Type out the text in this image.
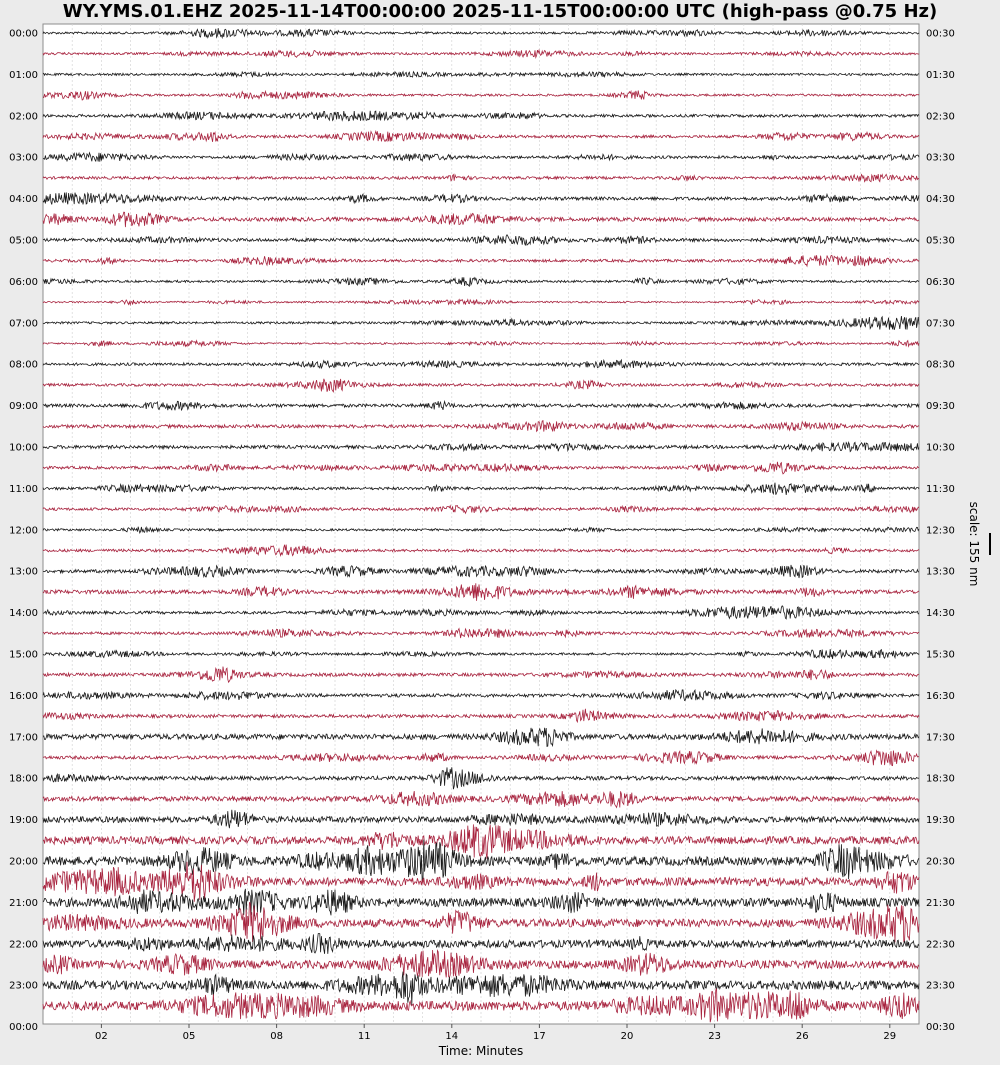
WY.YMS.01.EHZ 2025-11-14T00:00:00 2025-11-15T00:00:00 UTC (high-pass @0.75 Hz)
00:00
01:00
02:00
03:00
04:00
05:00
06:00
07:00
08:00
09:00
10:00
11:00
12:00
13:00
14:00
15:00
16:00
17:00
18:00
19:00
20:00
21:00
22:00
23:00
00:00
00:30
01:30
02:30
03:30
04:30
05:30
06:30
07:30
08:30
09:30
10:30
11:30
12:30
13:30
14:30
15:30
16:30
17:30
18:30
19:30
20:30
21:30
22:30
23:30
00:30
02	05	08	11	14	17	20	23	26	29
Time: Minutes
scale: 155 nm
